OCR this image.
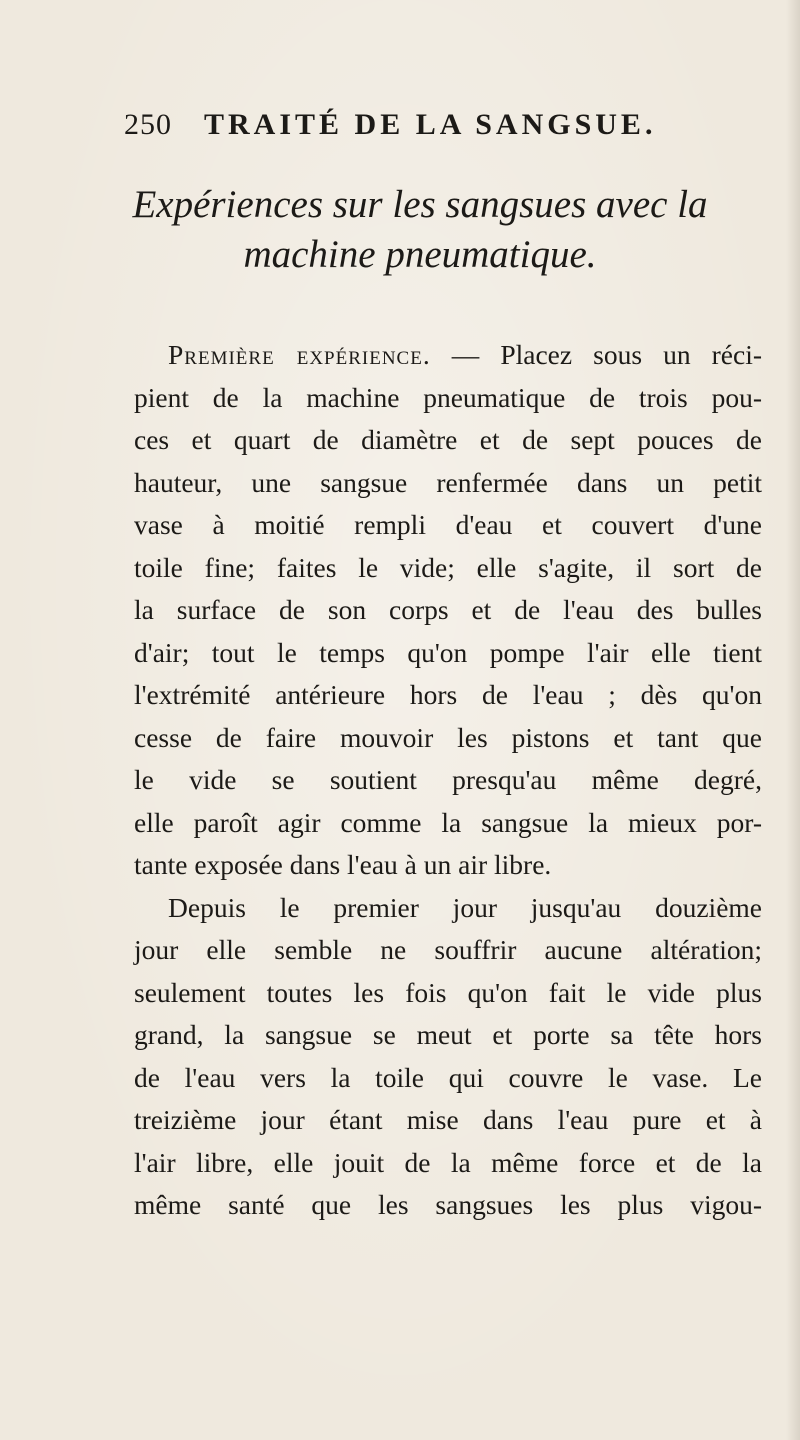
250 TRAITÉ DE LA SANGSUE.
Expériences sur les sangsues avec la
machine pneumatique.
Première expérience. — Placez sous un réci-
pient de la machine pneumatique de trois pou-
ces et quart de diamètre et de sept pouces de
hauteur, une sangsue renfermée dans un petit
vase à moitié rempli d'eau et couvert d'une
toile fine; faites le vide; elle s'agite, il sort de
la surface de son corps et de l'eau des bulles
d'air; tout le temps qu'on pompe l'air elle tient
l'extrémité antérieure hors de l'eau ; dès qu'on
cesse de faire mouvoir les pistons et tant que
le vide se soutient presqu'au même degré,
elle paroît agir comme la sangsue la mieux por-
tante exposée dans l'eau à un air libre.
Depuis le premier jour jusqu'au douzième
jour elle semble ne souffrir aucune altération;
seulement toutes les fois qu'on fait le vide plus
grand, la sangsue se meut et porte sa tête hors
de l'eau vers la toile qui couvre le vase. Le
treizième jour étant mise dans l'eau pure et à
l'air libre, elle jouit de la même force et de la
même santé que les sangsues les plus vigou-
